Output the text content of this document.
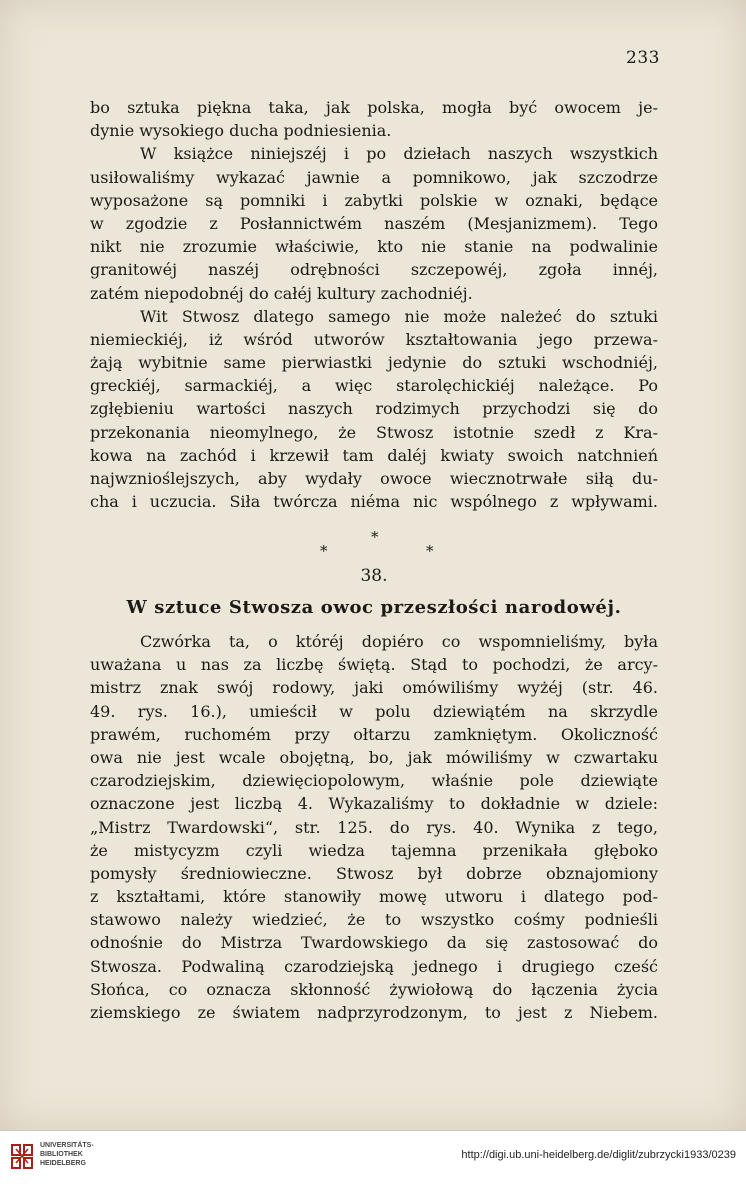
233
bo sztuka piękna taka, jak polska, mogła być owocem je-
dynie wysokiego ducha podniesienia.
W książce niniejszéj i po dziełach naszych wszystkich
usiłowaliśmy wykazać jawnie a pomnikowo, jak szczodrze
wyposażone są pomniki i zabytki polskie w oznaki, będące
w zgodzie z Posłannictwém naszém (Mesjanizmem). Tego
nikt nie zrozumie właściwie, kto nie stanie na podwalinie
granitowéj naszéj odrębności szczepowéj, zgoła innéj,
zatém niepodobnéj do całéj kultury zachodniéj.
Wit Stwosz dlatego samego nie może należeć do sztuki
niemieckiéj, iż wśród utworów kształtowania jego przewa-
żają wybitnie same pierwiastki jedynie do sztuki wschodniéj,
greckiéj, sarmackiéj, a więc starolęchickiéj należące. Po
zgłębieniu wartości naszych rodzimych przychodzi się do
przekonania nieomylnego, że Stwosz istotnie szedł z Kra-
kowa na zachód i krzewił tam daléj kwiaty swoich natchnień
najwznioślejszych, aby wydały owoce wiecznotrwałe siłą du-
cha i uczucia. Siła twórcza niéma nic wspólnego z wpływami.
*
*
*
38.
W sztuce Stwosza owoc przeszłości narodowéj.
Czwórka ta, o któréj dopiéro co wspomnieliśmy, była
uważana u nas za liczbę świętą. Stąd to pochodzi, że arcy-
mistrz znak swój rodowy, jaki omówiliśmy wyżéj (str. 46.
49. rys. 16.), umieścił w polu dziewiątém na skrzydle
prawém, ruchomém przy ołtarzu zamkniętym. Okoliczność
owa nie jest wcale obojętną, bo, jak mówiliśmy w czwartaku
czarodziejskim, dziewięciopolowym, właśnie pole dziewiąte
oznaczone jest liczbą 4. Wykazaliśmy to dokładnie w dziele:
„Mistrz Twardowski“, str. 125. do rys. 40. Wynika z tego,
że mistycyzm czyli wiedza tajemna przenikała głęboko
pomysły średniowieczne. Stwosz był dobrze obznajomiony
z kształtami, które stanowiły mowę utworu i dlatego pod-
stawowo należy wiedzieć, że to wszystko cośmy podnieśli
odnośnie do Mistrza Twardowskiego da się zastosować do
Stwosza. Podwaliną czarodziejską jednego i drugiego cześć
Słońca, co oznacza skłonność żywiołową do łączenia życia
ziemskiego ze światem nadprzyrodzonym, to jest z Niebem.
UNIVERSITÄTS-
BIBLIOTHEK
HEIDELBERG
http://digi.ub.uni-heidelberg.de/diglit/zubrzycki1933/0239
